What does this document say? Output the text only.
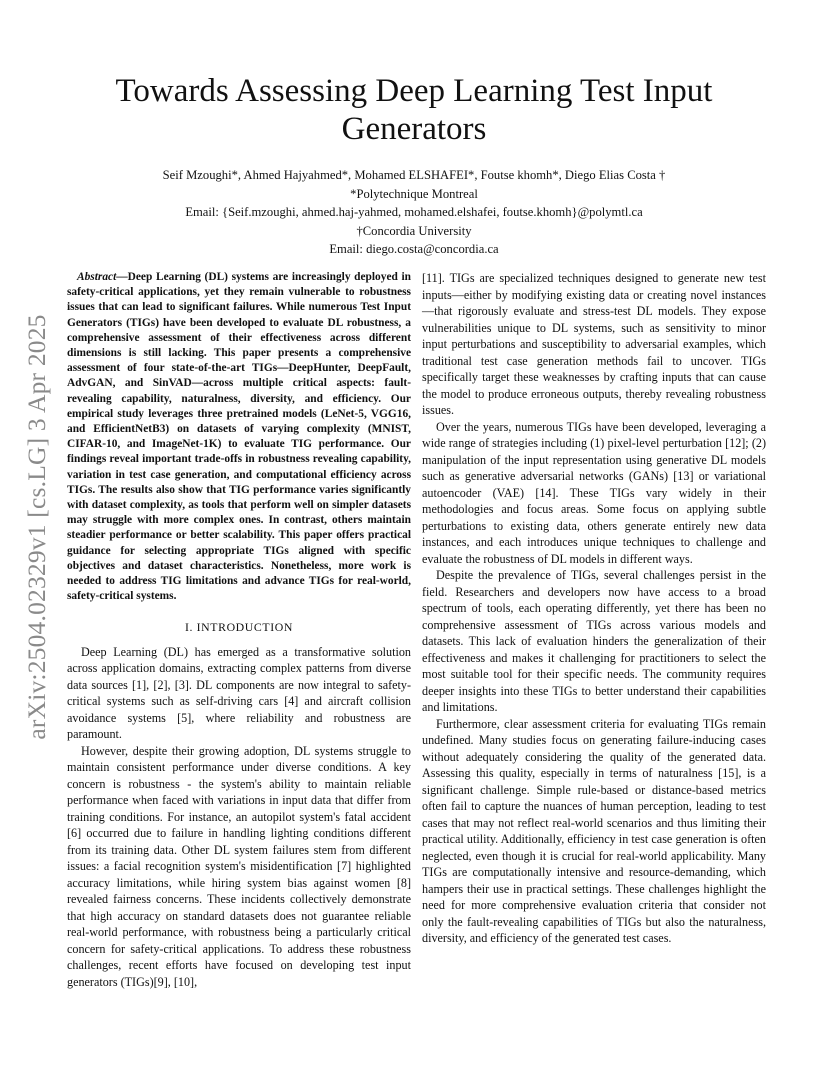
arXiv:2504.02329v1 [cs.LG] 3 Apr 2025
Towards Assessing Deep Learning Test Input Generators
Seif Mzoughi*, Ahmed Hajyahmed*, Mohamed ELSHAFEI*, Foutse khomh*, Diego Elias Costa †
*Polytechnique Montreal
Email: {Seif.mzoughi, ahmed.haj-yahmed, mohamed.elshafei, foutse.khomh}@polymtl.ca
†Concordia University
Email: diego.costa@concordia.ca

Abstract—Deep Learning (DL) systems are increasingly deployed in safety-critical applications, yet they remain vulnerable to robustness issues that can lead to significant failures. While numerous Test Input Generators (TIGs) have been developed to evaluate DL robustness, a comprehensive assessment of their effectiveness across different dimensions is still lacking. This paper presents a comprehensive assessment of four state-of-the-art TIGs—DeepHunter, DeepFault, AdvGAN, and SinVAD—across multiple critical aspects: fault-revealing capability, naturalness, diversity, and efficiency. Our empirical study leverages three pretrained models (LeNet-5, VGG16, and EfficientNetB3) on datasets of varying complexity (MNIST, CIFAR-10, and ImageNet-1K) to evaluate TIG performance. Our findings reveal important trade-offs in robustness revealing capability, variation in test case generation, and computational efficiency across TIGs. The results also show that TIG performance varies significantly with dataset complexity, as tools that perform well on simpler datasets may struggle with more complex ones. In contrast, others maintain steadier performance or better scalability. This paper offers practical guidance for selecting appropriate TIGs aligned with specific objectives and dataset characteristics. Nonetheless, more work is needed to address TIG limitations and advance TIGs for real-world, safety-critical systems.

I. INTRODUCTION

Deep Learning (DL) has emerged as a transformative solution across application domains, extracting complex patterns from diverse data sources [1], [2], [3]. DL components are now integral to safety-critical systems such as self-driving cars [4] and aircraft collision avoidance systems [5], where reliability and robustness are paramount.

However, despite their growing adoption, DL systems struggle to maintain consistent performance under diverse conditions. A key concern is robustness - the system's ability to maintain reliable performance when faced with variations in input data that differ from training conditions. For instance, an autopilot system's fatal accident [6] occurred due to failure in handling lighting conditions different from its training data. Other DL system failures stem from different issues: a facial recognition system's misidentification [7] highlighted accuracy limitations, while hiring system bias against women [8] revealed fairness concerns. These incidents collectively demonstrate that high accuracy on standard datasets does not guarantee reliable real-world performance, with robustness being a particularly critical concern for safety-critical applications. To address these robustness challenges, recent efforts have focused on developing test input generators (TIGs)[9], [10],

[11]. TIGs are specialized techniques designed to generate new test inputs—either by modifying existing data or creating novel instances—that rigorously evaluate and stress-test DL models. They expose vulnerabilities unique to DL systems, such as sensitivity to minor input perturbations and susceptibility to adversarial examples, which traditional test case generation methods fail to uncover. TIGs specifically target these weaknesses by crafting inputs that can cause the model to produce erroneous outputs, thereby revealing robustness issues.

Over the years, numerous TIGs have been developed, leveraging a wide range of strategies including (1) pixel-level perturbation [12]; (2) manipulation of the input representation using generative DL models such as generative adversarial networks (GANs) [13] or variational autoencoder (VAE) [14]. These TIGs vary widely in their methodologies and focus areas. Some focus on applying subtle perturbations to existing data, others generate entirely new data instances, and each introduces unique techniques to challenge and evaluate the robustness of DL models in different ways.

Despite the prevalence of TIGs, several challenges persist in the field. Researchers and developers now have access to a broad spectrum of tools, each operating differently, yet there has been no comprehensive assessment of TIGs across various models and datasets. This lack of evaluation hinders the generalization of their effectiveness and makes it challenging for practitioners to select the most suitable tool for their specific needs. The community requires deeper insights into these TIGs to better understand their capabilities and limitations.

Furthermore, clear assessment criteria for evaluating TIGs remain undefined. Many studies focus on generating failure-inducing cases without adequately considering the quality of the generated data. Assessing this quality, especially in terms of naturalness [15], is a significant challenge. Simple rule-based or distance-based metrics often fail to capture the nuances of human perception, leading to test cases that may not reflect real-world scenarios and thus limiting their practical utility. Additionally, efficiency in test case generation is often neglected, even though it is crucial for real-world applicability. Many TIGs are computationally intensive and resource-demanding, which hampers their use in practical settings. These challenges highlight the need for more comprehensive evaluation criteria that consider not only the fault-revealing capabilities of TIGs but also the naturalness, diversity, and efficiency of the generated test cases.
